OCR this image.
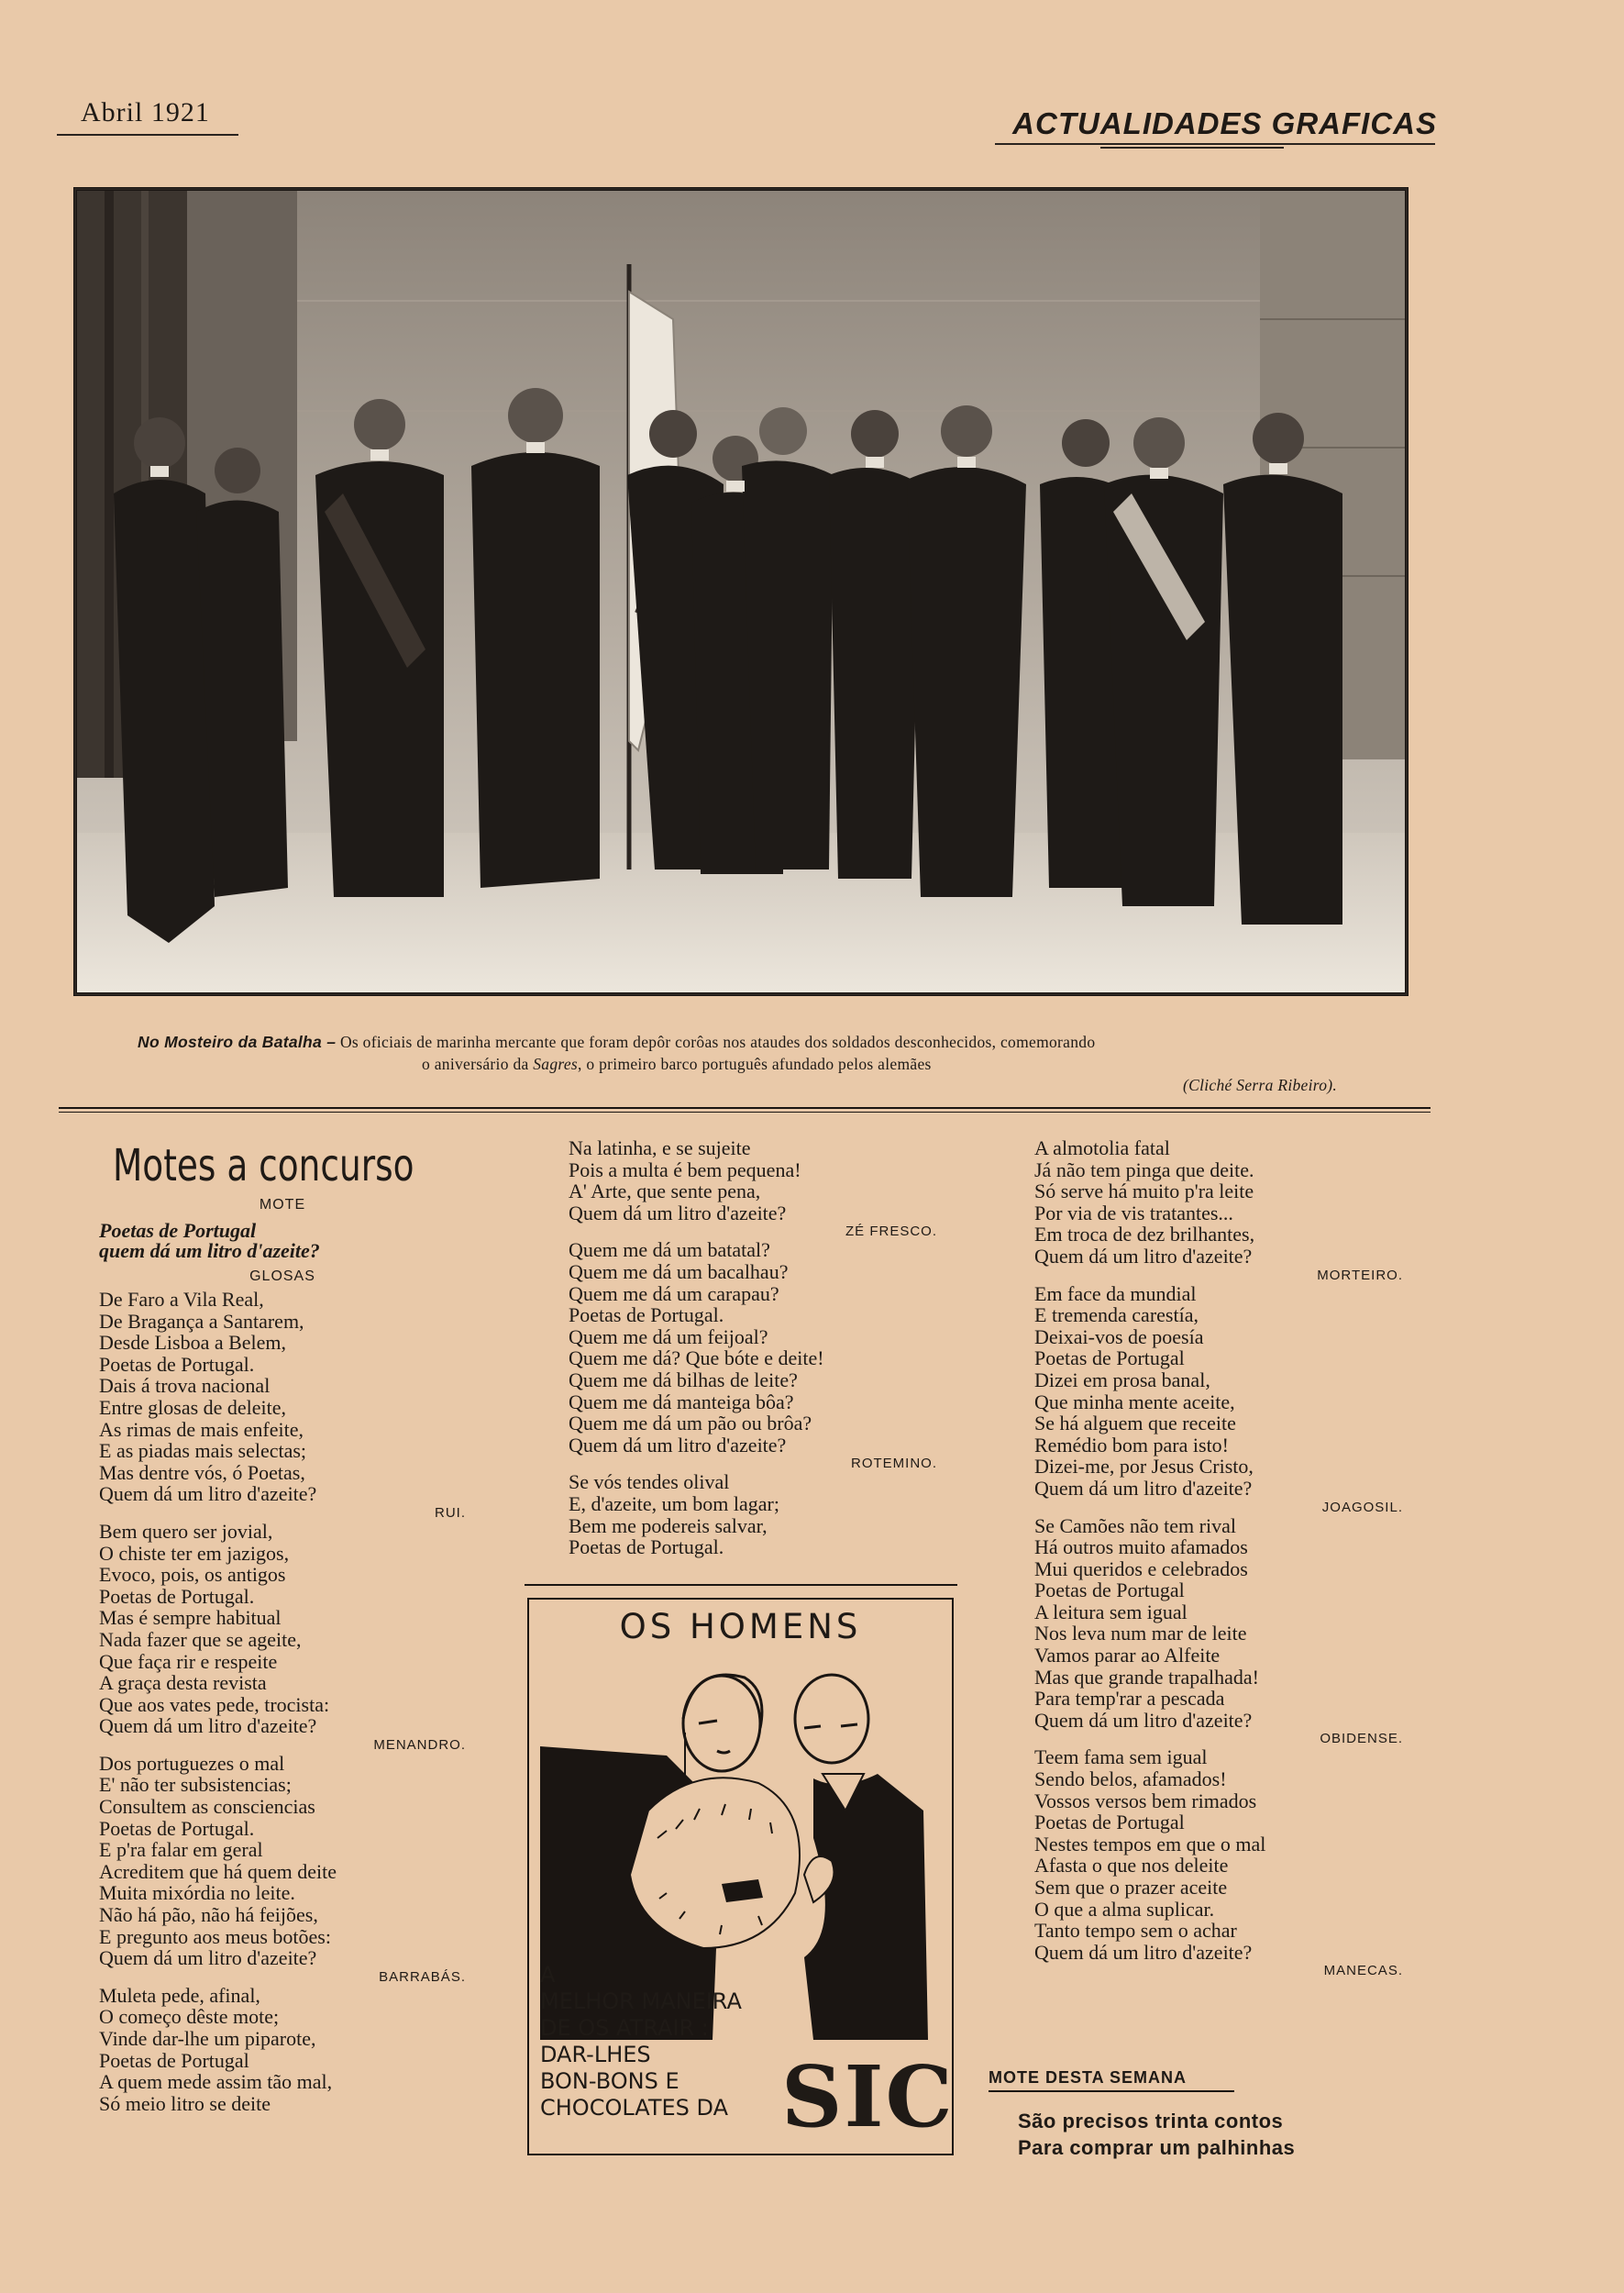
Abril 1921	ACTUALIDADES GRAFICAS
No Mosteiro da Batalha – Os oficiais de marinha mercante que foram depôr corôas nos ataudes dos soldados desconhecidos, comemorando
o aniversário da Sagres, o primeiro barco português afundado pelos alemães
(Cliché Serra Ribeiro).
Motes a concurso
MOTE
Poetas de Portugal
quem dá um litro d'azeite?
GLOSAS
De Faro a Vila Real,
De Bragança a Santarem,
Desde Lisboa a Belem,
Poetas de Portugal.
Dais á trova nacional
Entre glosas de deleite,
As rimas de mais enfeite,
E as piadas mais selectas;
Mas dentre vós, ó Poetas,
Quem dá um litro d'azeite?
RUI.
Bem quero ser jovial,
O chiste ter em jazigos,
Evoco, pois, os antigos
Poetas de Portugal.
Mas é sempre habitual
Nada fazer que se ageite,
Que faça rir e respeite
A graça desta revista
Que aos vates pede, trocista:
Quem dá um litro d'azeite?
MENANDRO.
Dos portuguezes o mal
E' não ter subsistencias;
Consultem as consciencias
Poetas de Portugal.
E p'ra falar em geral
Acreditem que há quem deite
Muita mixórdia no leite.
Não há pão, não há feijões,
E pregunto aos meus botões:
Quem dá um litro d'azeite?
BARRABÁS.
Muleta pede, afinal,
O começo dêste mote;
Vinde dar-lhe um piparote,
Poetas de Portugal
A quem mede assim tão mal,
Só meio litro se deite
Na latinha, e se sujeite
Pois a multa é bem pequena!
A' Arte, que sente pena,
Quem dá um litro d'azeite?
ZÉ FRESCO.
Quem me dá um batatal?
Quem me dá um bacalhau?
Quem me dá um carapau?
Poetas de Portugal.
Quem me dá um feijoal?
Quem me dá? Que bóte e deite!
Quem me dá bilhas de leite?
Quem me dá manteiga bôa?
Quem me dá um pão ou brôa?
Quem dá um litro d'azeite?
ROTEMINO.
Se vós tendes olival
E, d'azeite, um bom lagar;
Bem me podereis salvar,
Poetas de Portugal.
OS HOMENS
A
MELHOR MANEIRA
DE OS ATRAIR :
DAR-LHES
BON-BONS E
CHOCOLATES DA SIC
A almotolia fatal
Já não tem pinga que deite.
Só serve há muito p'ra leite
Por via de vis tratantes...
Em troca de dez brilhantes,
Quem dá um litro d'azeite?
MORTEIRO.
Em face da mundial
E tremenda carestía,
Deixai-vos de poesía
Poetas de Portugal
Dizei em prosa banal,
Que minha mente aceite,
Se há alguem que receite
Remédio bom para isto!
Dizei-me, por Jesus Cristo,
Quem dá um litro d'azeite?
JOAGOSIL.
Se Camões não tem rival
Há outros muito afamados
Mui queridos e celebrados
Poetas de Portugal
A leitura sem igual
Nos leva num mar de leite
Vamos parar ao Alfeite
Mas que grande trapalhada!
Para temp'rar a pescada
Quem dá um litro d'azeite?
OBIDENSE.
Teem fama sem igual
Sendo belos, afamados!
Vossos versos bem rimados
Poetas de Portugal
Nestes tempos em que o mal
Afasta o que nos deleite
Sem que o prazer aceite
O que a alma suplicar.
Tanto tempo sem o achar
Quem dá um litro d'azeite?
MANECAS.
MOTE DESTA SEMANA
São precisos trinta contos
Para comprar um palhinhas
